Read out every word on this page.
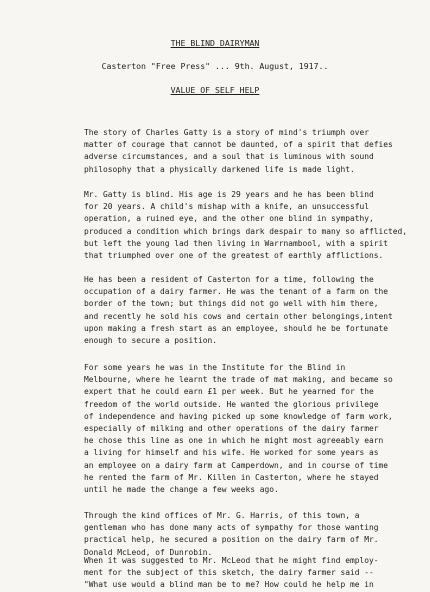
THE BLIND DAIRYMAN
Casterton "Free Press" ... 9th. August, 1917..
VALUE OF SELF HELP
The story of Charles Gatty is a story of mind's triumph over
matter of courage that cannot be daunted, of a spirit that defies
adverse circumstances, and a soul that is luminous with sound
philosophy that a physically darkened life is made light.
Mr. Gatty is blind. His age is 29 years and he has been blind
for 20 years. A child's mishap with a knife, an unsuccessful
operation, a ruined eye, and the other one blind in sympathy,
produced a condition which brings dark despair to many so afflicted,
but left the young lad then living in Warrnambool, with a spirit
that triumphed over one of the greatest of earthly afflictions.
He has been a resident of Casterton for a time, following the
occupation of a dairy farmer. He was the tenant of a farm on the
border of the town; but things did not go well with him there,
and recently he sold his cows and certain other belongings,intent
upon making a fresh start as an employee, should he be fortunate
enough to secure a position.
For some years he was in the Institute for the Blind in
Melbourne, where he learnt the trade of mat making, and became so
expert that he could earn £1 per week. But he yearned for the
freedom of the world outside. He wanted the glorious privilege
of independence and having picked up some knowledge of farm work,
especially of milking and other operations of the dairy farmer
he chose this line as one in which he might most agreeably earn
a living for himself and his wife. He worked for some years as
an employee on a dairy farm at Camperdown, and in course of time
he rented the farm of Mr. Killen in Casterton, where he stayed
until he made the change a few weeks ago.
Through the kind offices of Mr. G. Harris, of this town, a
gentleman who has done many acts of sympathy for those wanting
practical help, he secured a position on the dairy farm of Mr.
Donald McLeod, of Dunrobin.
When it was suggested to Mr. McLeod that he might find employ-
ment for the subject of this sketch, the dairy farmer said --
"What use would a blind man be to me? How could he help me in
